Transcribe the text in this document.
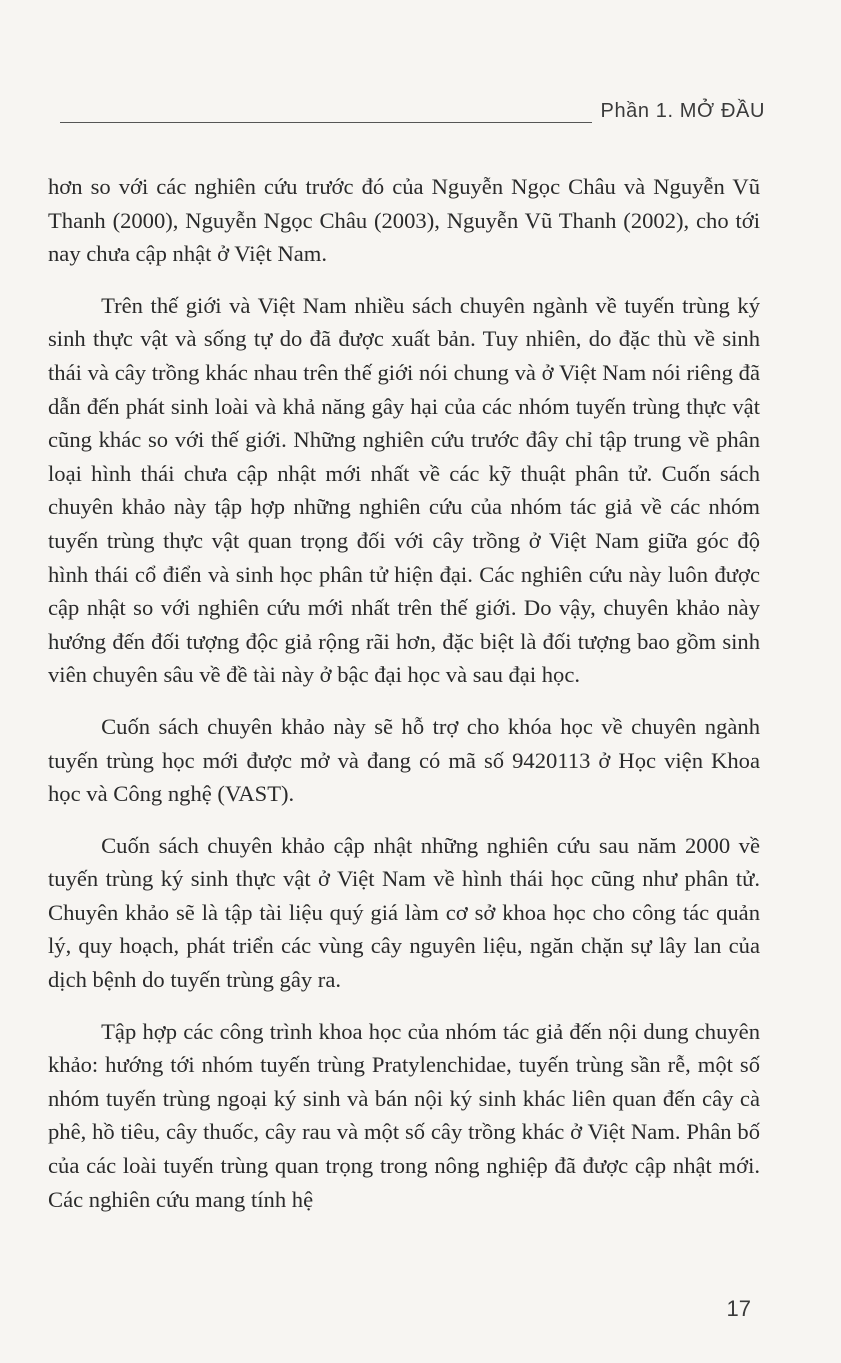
Phần 1. MỞ ĐẦU

hơn so với các nghiên cứu trước đó của Nguyễn Ngọc Châu và Nguyễn Vũ Thanh (2000), Nguyễn Ngọc Châu (2003), Nguyễn Vũ Thanh (2002), cho tới nay chưa cập nhật ở Việt Nam.

Trên thế giới và Việt Nam nhiều sách chuyên ngành về tuyến trùng ký sinh thực vật và sống tự do đã được xuất bản. Tuy nhiên, do đặc thù về sinh thái và cây trồng khác nhau trên thế giới nói chung và ở Việt Nam nói riêng đã dẫn đến phát sinh loài và khả năng gây hại của các nhóm tuyến trùng thực vật cũng khác so với thế giới. Những nghiên cứu trước đây chỉ tập trung về phân loại hình thái chưa cập nhật mới nhất về các kỹ thuật phân tử. Cuốn sách chuyên khảo này tập hợp những nghiên cứu của nhóm tác giả về các nhóm tuyến trùng thực vật quan trọng đối với cây trồng ở Việt Nam giữa góc độ hình thái cổ điển và sinh học phân tử hiện đại. Các nghiên cứu này luôn được cập nhật so với nghiên cứu mới nhất trên thế giới. Do vậy, chuyên khảo này hướng đến đối tượng độc giả rộng rãi hơn, đặc biệt là đối tượng bao gồm sinh viên chuyên sâu về đề tài này ở bậc đại học và sau đại học.

Cuốn sách chuyên khảo này sẽ hỗ trợ cho khóa học về chuyên ngành tuyến trùng học mới được mở và đang có mã số 9420113 ở Học viện Khoa học và Công nghệ (VAST).

Cuốn sách chuyên khảo cập nhật những nghiên cứu sau năm 2000 về tuyến trùng ký sinh thực vật ở Việt Nam về hình thái học cũng như phân tử. Chuyên khảo sẽ là tập tài liệu quý giá làm cơ sở khoa học cho công tác quản lý, quy hoạch, phát triển các vùng cây nguyên liệu, ngăn chặn sự lây lan của dịch bệnh do tuyến trùng gây ra.

Tập hợp các công trình khoa học của nhóm tác giả đến nội dung chuyên khảo: hướng tới nhóm tuyến trùng Pratylenchidae, tuyến trùng sần rễ, một số nhóm tuyến trùng ngoại ký sinh và bán nội ký sinh khác liên quan đến cây cà phê, hồ tiêu, cây thuốc, cây rau và một số cây trồng khác ở Việt Nam. Phân bố của các loài tuyến trùng quan trọng trong nông nghiệp đã được cập nhật mới. Các nghiên cứu mang tính hệ

17
